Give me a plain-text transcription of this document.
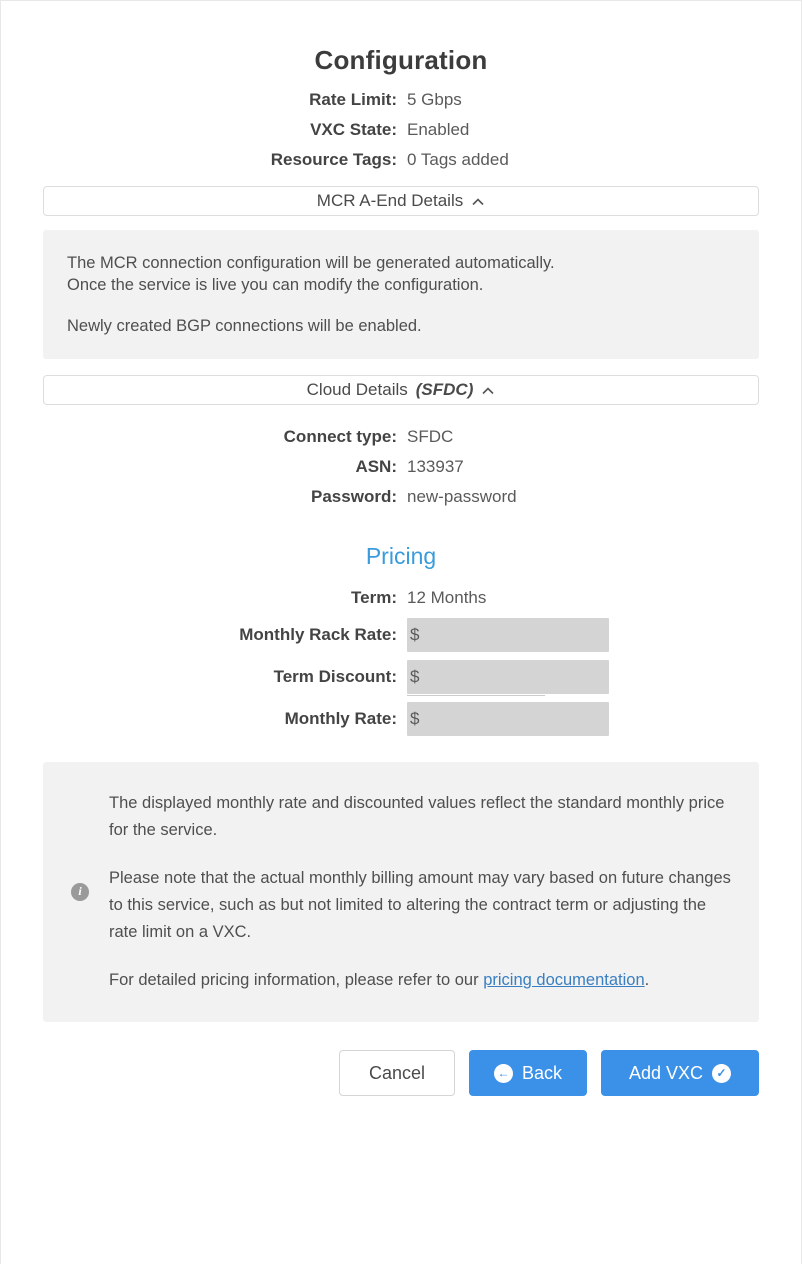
Configuration
Rate Limit: 5 Gbps
VXC State: Enabled
Resource Tags: 0 Tags added
MCR A-End Details

The MCR connection configuration will be generated automatically. Once the service is live you can modify the configuration.

Newly created BGP connections will be enabled.

Cloud Details (SFDC)
Connect type: SFDC
ASN: 133937
Password: new-password
Pricing
Term: 12 Months
Monthly Rack Rate: $
Term Discount: $
Monthly Rate: $
i

The displayed monthly rate and discounted values reflect the standard monthly price for the service.

Please note that the actual monthly billing amount may vary based on future changes to this service, such as but not limited to altering the contract term or adjusting the rate limit on a VXC.

For detailed pricing information, please refer to our pricing documentation.

Cancel	← Back	Add VXC	✓
